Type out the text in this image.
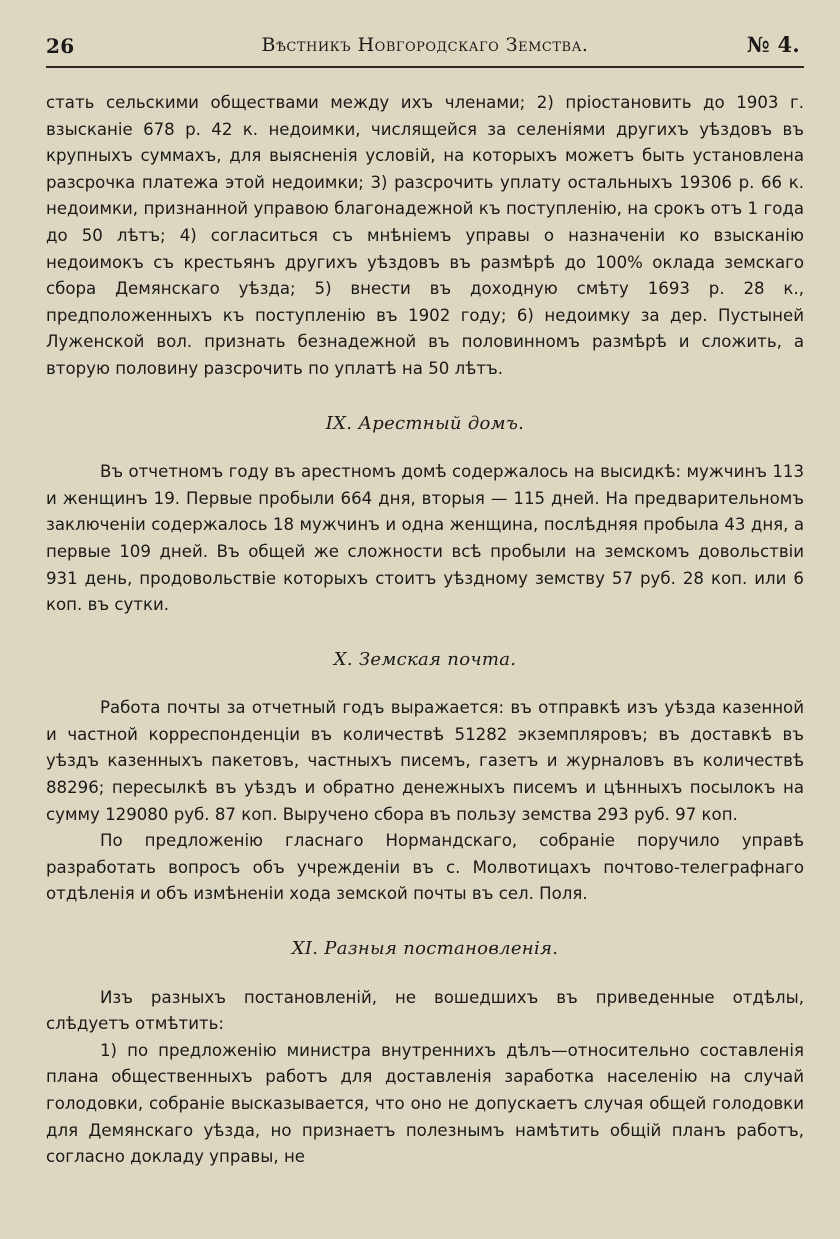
26	Вѣстникъ Новгородскаго Земства.	№ 4.

стать сельскими обществами между ихъ членами; 2) пріостановить до 1903 г. взысканіе 678 р. 42 к. недоимки, числящейся за селеніями другихъ уѣздовъ въ крупныхъ суммахъ, для выясненія условій, на которыхъ можетъ быть установлена разсрочка платежа этой недоимки; 3) разсрочить уплату остальныхъ 19306 р. 66 к. недоимки, признанной управою благонадежной къ поступленію, на срокъ отъ 1 года до 50 лѣтъ; 4) согласиться съ мнѣніемъ управы о назначеніи ко взысканію недоимокъ съ крестьянъ другихъ уѣздовъ въ размѣрѣ до 100% оклада земскаго сбора Демянскаго уѣзда; 5) внести въ доходную смѣту 1693 р. 28 к., предположенныхъ къ поступленію въ 1902 году; 6) недоимку за дер. Пустыней Луженской вол. признать безнадежной въ половинномъ размѣрѣ и сложить, а вторую половину разсрочить по уплатѣ на 50 лѣтъ.

IX. Арестный домъ.

Въ отчетномъ году въ арестномъ домѣ содержалось на высидкѣ: мужчинъ 113 и женщинъ 19. Первые пробыли 664 дня, вторыя — 115 дней. На предварительномъ заключеніи содержалось 18 мужчинъ и одна женщина, послѣдняя пробыла 43 дня, а первые 109 дней. Въ общей же сложности всѣ пробыли на земскомъ довольствіи 931 день, продовольствіе которыхъ стоитъ уѣздному земству 57 руб. 28 коп. или 6 коп. въ сутки.

X. Земская почта.

Работа почты за отчетный годъ выражается: въ отправкѣ изъ уѣзда казенной и частной корреспонденціи въ количествѣ 51282 экземпляровъ; въ доставкѣ въ уѣздъ казенныхъ пакетовъ, частныхъ писемъ, газетъ и журналовъ въ количествѣ 88296; пересылкѣ въ уѣздъ и обратно денежныхъ писемъ и цѣнныхъ посылокъ на сумму 129080 руб. 87 коп. Выручено сбора въ пользу земства 293 руб. 97 коп.

По предложенію гласнаго Нормандскаго, собраніе поручило управѣ разработать вопросъ объ учрежденіи въ с. Молвотицахъ почтово-телеграфнаго отдѣленія и объ измѣненіи хода земской почты въ сел. Поля.

XI. Разныя постановленія.

Изъ разныхъ постановленій, не вошедшихъ въ приведенные отдѣлы, слѣдуетъ отмѣтить:

1) по предложенію министра внутреннихъ дѣлъ—относительно составленія плана общественныхъ работъ для доставленія заработка населенію на случай голодовки, собраніе высказывается, что оно не допускаетъ случая общей голодовки для Демянскаго уѣзда, но признаетъ полезнымъ намѣтить общій планъ работъ, согласно докладу управы, не
